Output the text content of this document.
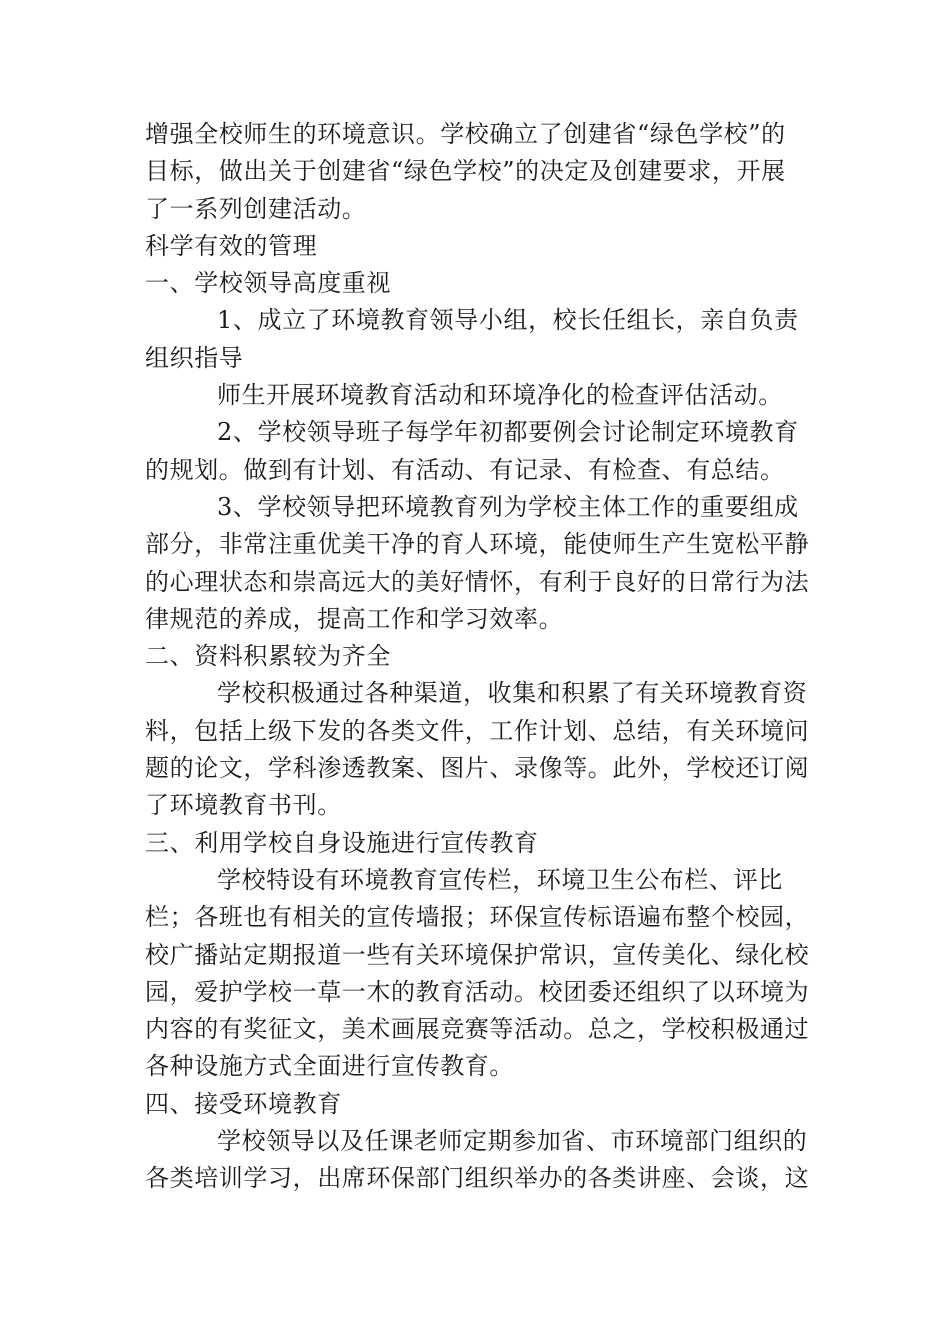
增强全校师生的环境意识。学校确立了创建省“绿色学校”的目标，做出关于创建省“绿色学校”的决定及创建要求，开展了一系列创建活动。

科学有效的管理

一、学校领导高度重视

1、成立了环境教育领导小组，校长任组长，亲自负责组织指导

师生开展环境教育活动和环境净化的检查评估活动。

2、学校领导班子每学年初都要例会讨论制定环境教育的规划。做到有计划、有活动、有记录、有检查、有总结。

3、学校领导把环境教育列为学校主体工作的重要组成部分，非常注重优美干净的育人环境，能使师生产生宽松平静的心理状态和崇高远大的美好情怀，有利于良好的日常行为法律规范的养成，提高工作和学习效率。

二、资料积累较为齐全

学校积极通过各种渠道，收集和积累了有关环境教育资料，包括上级下发的各类文件，工作计划、总结，有关环境问题的论文，学科渗透教案、图片、录像等。此外，学校还订阅了环境教育书刊。

三、利用学校自身设施进行宣传教育

学校特设有环境教育宣传栏，环境卫生公布栏、评比栏；各班也有相关的宣传墙报；环保宣传标语遍布整个校园，校广播站定期报道一些有关环境保护常识，宣传美化、绿化校园，爱护学校一草一木的教育活动。校团委还组织了以环境为内容的有奖征文，美术画展竞赛等活动。总之，学校积极通过各种设施方式全面进行宣传教育。

四、接受环境教育

学校领导以及任课老师定期参加省、市环境部门组织的各类培训学习，出席环保部门组织举办的各类讲座、会谈，这
